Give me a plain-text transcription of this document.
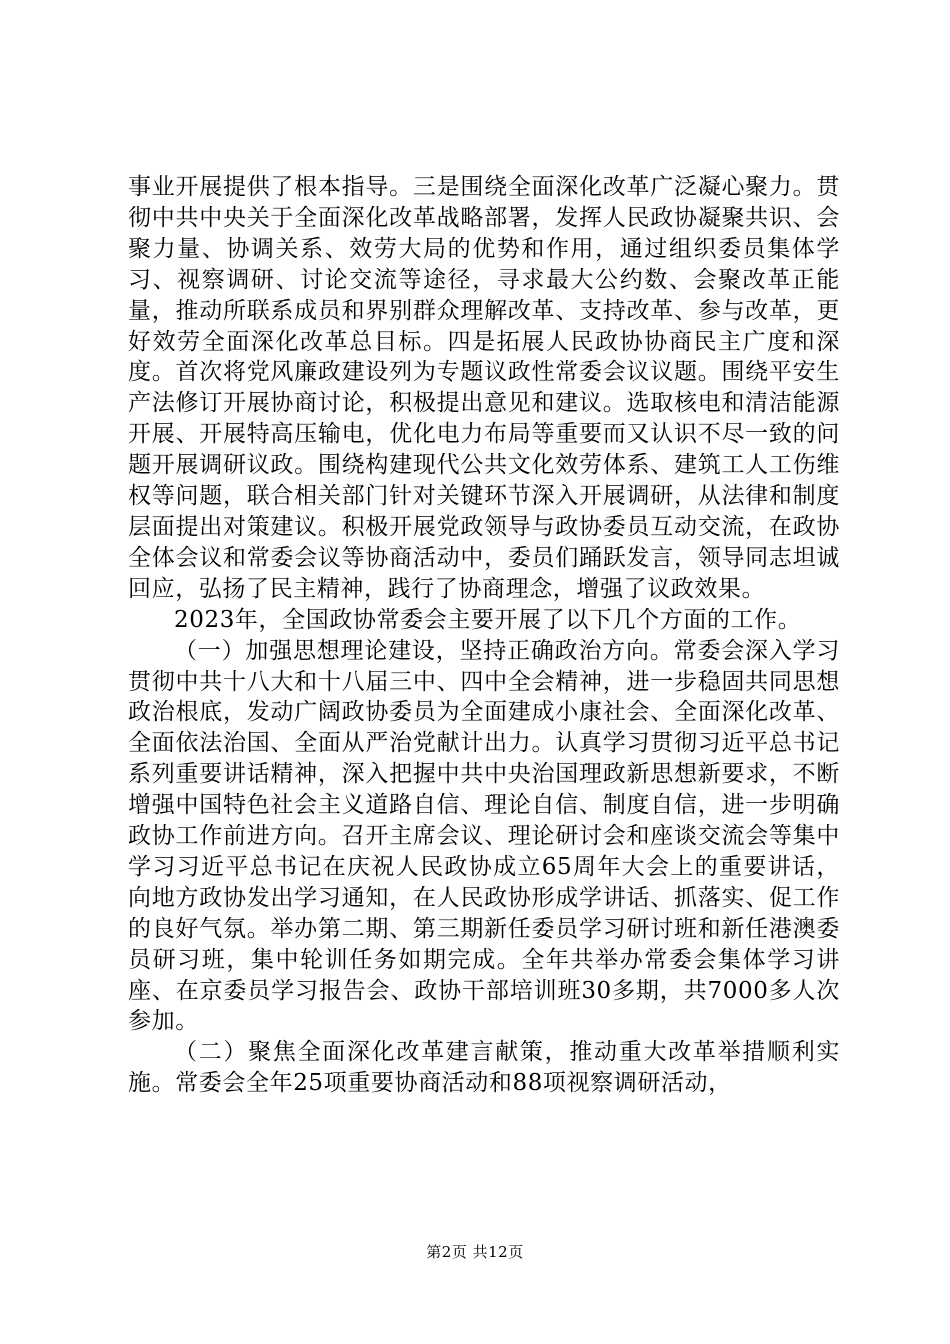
事业开展提供了根本指导。三是围绕全面深化改革广泛凝心聚力。贯彻中共中央关于全面深化改革战略部署，发挥人民政协凝聚共识、会聚力量、协调关系、效劳大局的优势和作用，通过组织委员集体学习、视察调研、讨论交流等途径，寻求最大公约数、会聚改革正能量，推动所联系成员和界别群众理解改革、支持改革、参与改革，更好效劳全面深化改革总目标。四是拓展人民政协协商民主广度和深度。首次将党风廉政建设列为专题议政性常委会议议题。围绕平安生产法修订开展协商讨论，积极提出意见和建议。选取核电和清洁能源开展、开展特高压输电，优化电力布局等重要而又认识不尽一致的问题开展调研议政。围绕构建现代公共文化效劳体系、建筑工人工伤维权等问题，联合相关部门针对关键环节深入开展调研，从法律和制度层面提出对策建议。积极开展党政领导与政协委员互动交流，在政协全体会议和常委会议等协商活动中，委员们踊跃发言，领导同志坦诚回应，弘扬了民主精神，践行了协商理念，增强了议政效果。

2023年，全国政协常委会主要开展了以下几个方面的工作。

（一）加强思想理论建设，坚持正确政治方向。常委会深入学习贯彻中共十八大和十八届三中、四中全会精神，进一步稳固共同思想政治根底，发动广阔政协委员为全面建成小康社会、全面深化改革、全面依法治国、全面从严治党献计出力。认真学习贯彻习近平总书记系列重要讲话精神，深入把握中共中央治国理政新思想新要求，不断增强中国特色社会主义道路自信、理论自信、制度自信，进一步明确政协工作前进方向。召开主席会议、理论研讨会和座谈交流会等集中学习习近平总书记在庆祝人民政协成立65周年大会上的重要讲话，向地方政协发出学习通知，在人民政协形成学讲话、抓落实、促工作的良好气氛。举办第二期、第三期新任委员学习研讨班和新任港澳委员研习班，集中轮训任务如期完成。全年共举办常委会集体学习讲座、在京委员学习报告会、政协干部培训班30多期，共7000多人次参加。

（二）聚焦全面深化改革建言献策，推动重大改革举措顺利实施。常委会全年25项重要协商活动和88项视察调研活动，

第2页 共12页
